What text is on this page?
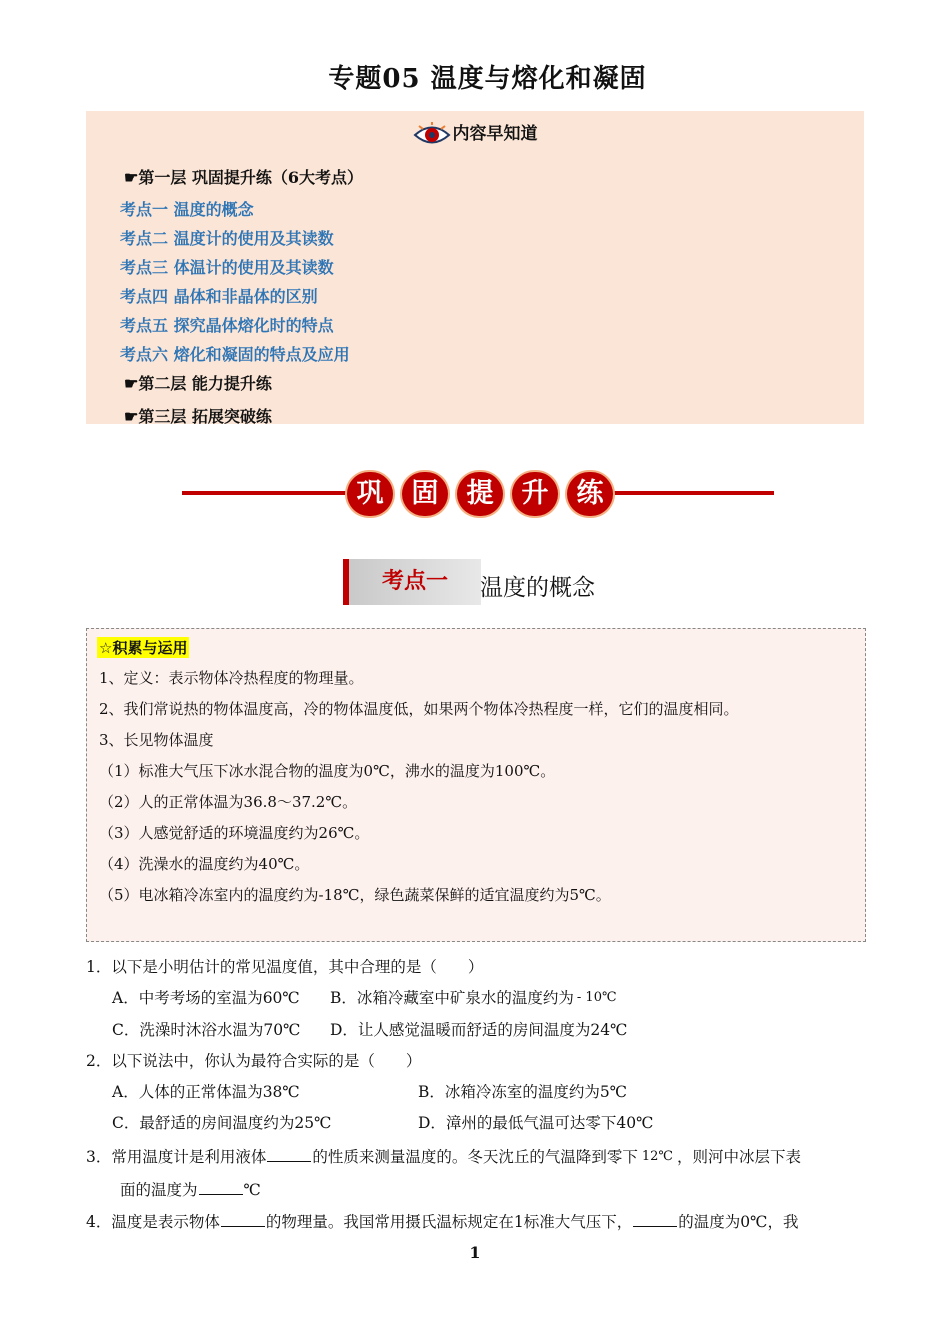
专题05 温度与熔化和凝固
内容早知道
☛第一层 巩固提升练（6大考点）
考点一 温度的概念
考点二 温度计的使用及其读数
考点三 体温计的使用及其读数
考点四 晶体和非晶体的区别
考点五 探究晶体熔化时的特点
考点六 熔化和凝固的特点及应用
☛第二层 能力提升练
☛第三层 拓展突破练
巩	固	提	升	练
考点一	温度的概念
☆积累与运用
1、定义：表示物体冷热程度的物理量。
2、我们常说热的物体温度高，冷的物体温度低，如果两个物体冷热程度一样，它们的温度相同。
3、长见物体温度
（1）标准大气压下冰水混合物的温度为0℃，沸水的温度为100℃。
（2）人的正常体温为36.8～37.2℃。
（3）人感觉舒适的环境温度约为26℃。
（4）洗澡水的温度约为40℃。
（5）电冰箱冷冻室内的温度约为-18℃，绿色蔬菜保鲜的适宜温度约为5℃。
1．以下是小明估计的常见温度值，其中合理的是（　　）
A．中考考场的室温为60℃ B．冰箱冷藏室中矿泉水的温度约为 - 10℃
C．洗澡时沐浴水温为70℃ D．让人感觉温暖而舒适的房间温度为24℃
2．以下说法中，你认为最符合实际的是（　　）
A．人体的正常体温为38℃	B．冰箱冷冻室的温度约为5℃
C．最舒适的房间温度约为25℃	D．漳州的最低气温可达零下40℃
3．常用温度计是利用液体	的性质来测量温度的。冬天沈丘的气温降到零下 12℃ ，则河中冰层下表
面的温度为	℃
4．温度是表示物体	的物理量。我国常用摄氏温标规定在1标准大气压下，	的温度为0℃，我
1
